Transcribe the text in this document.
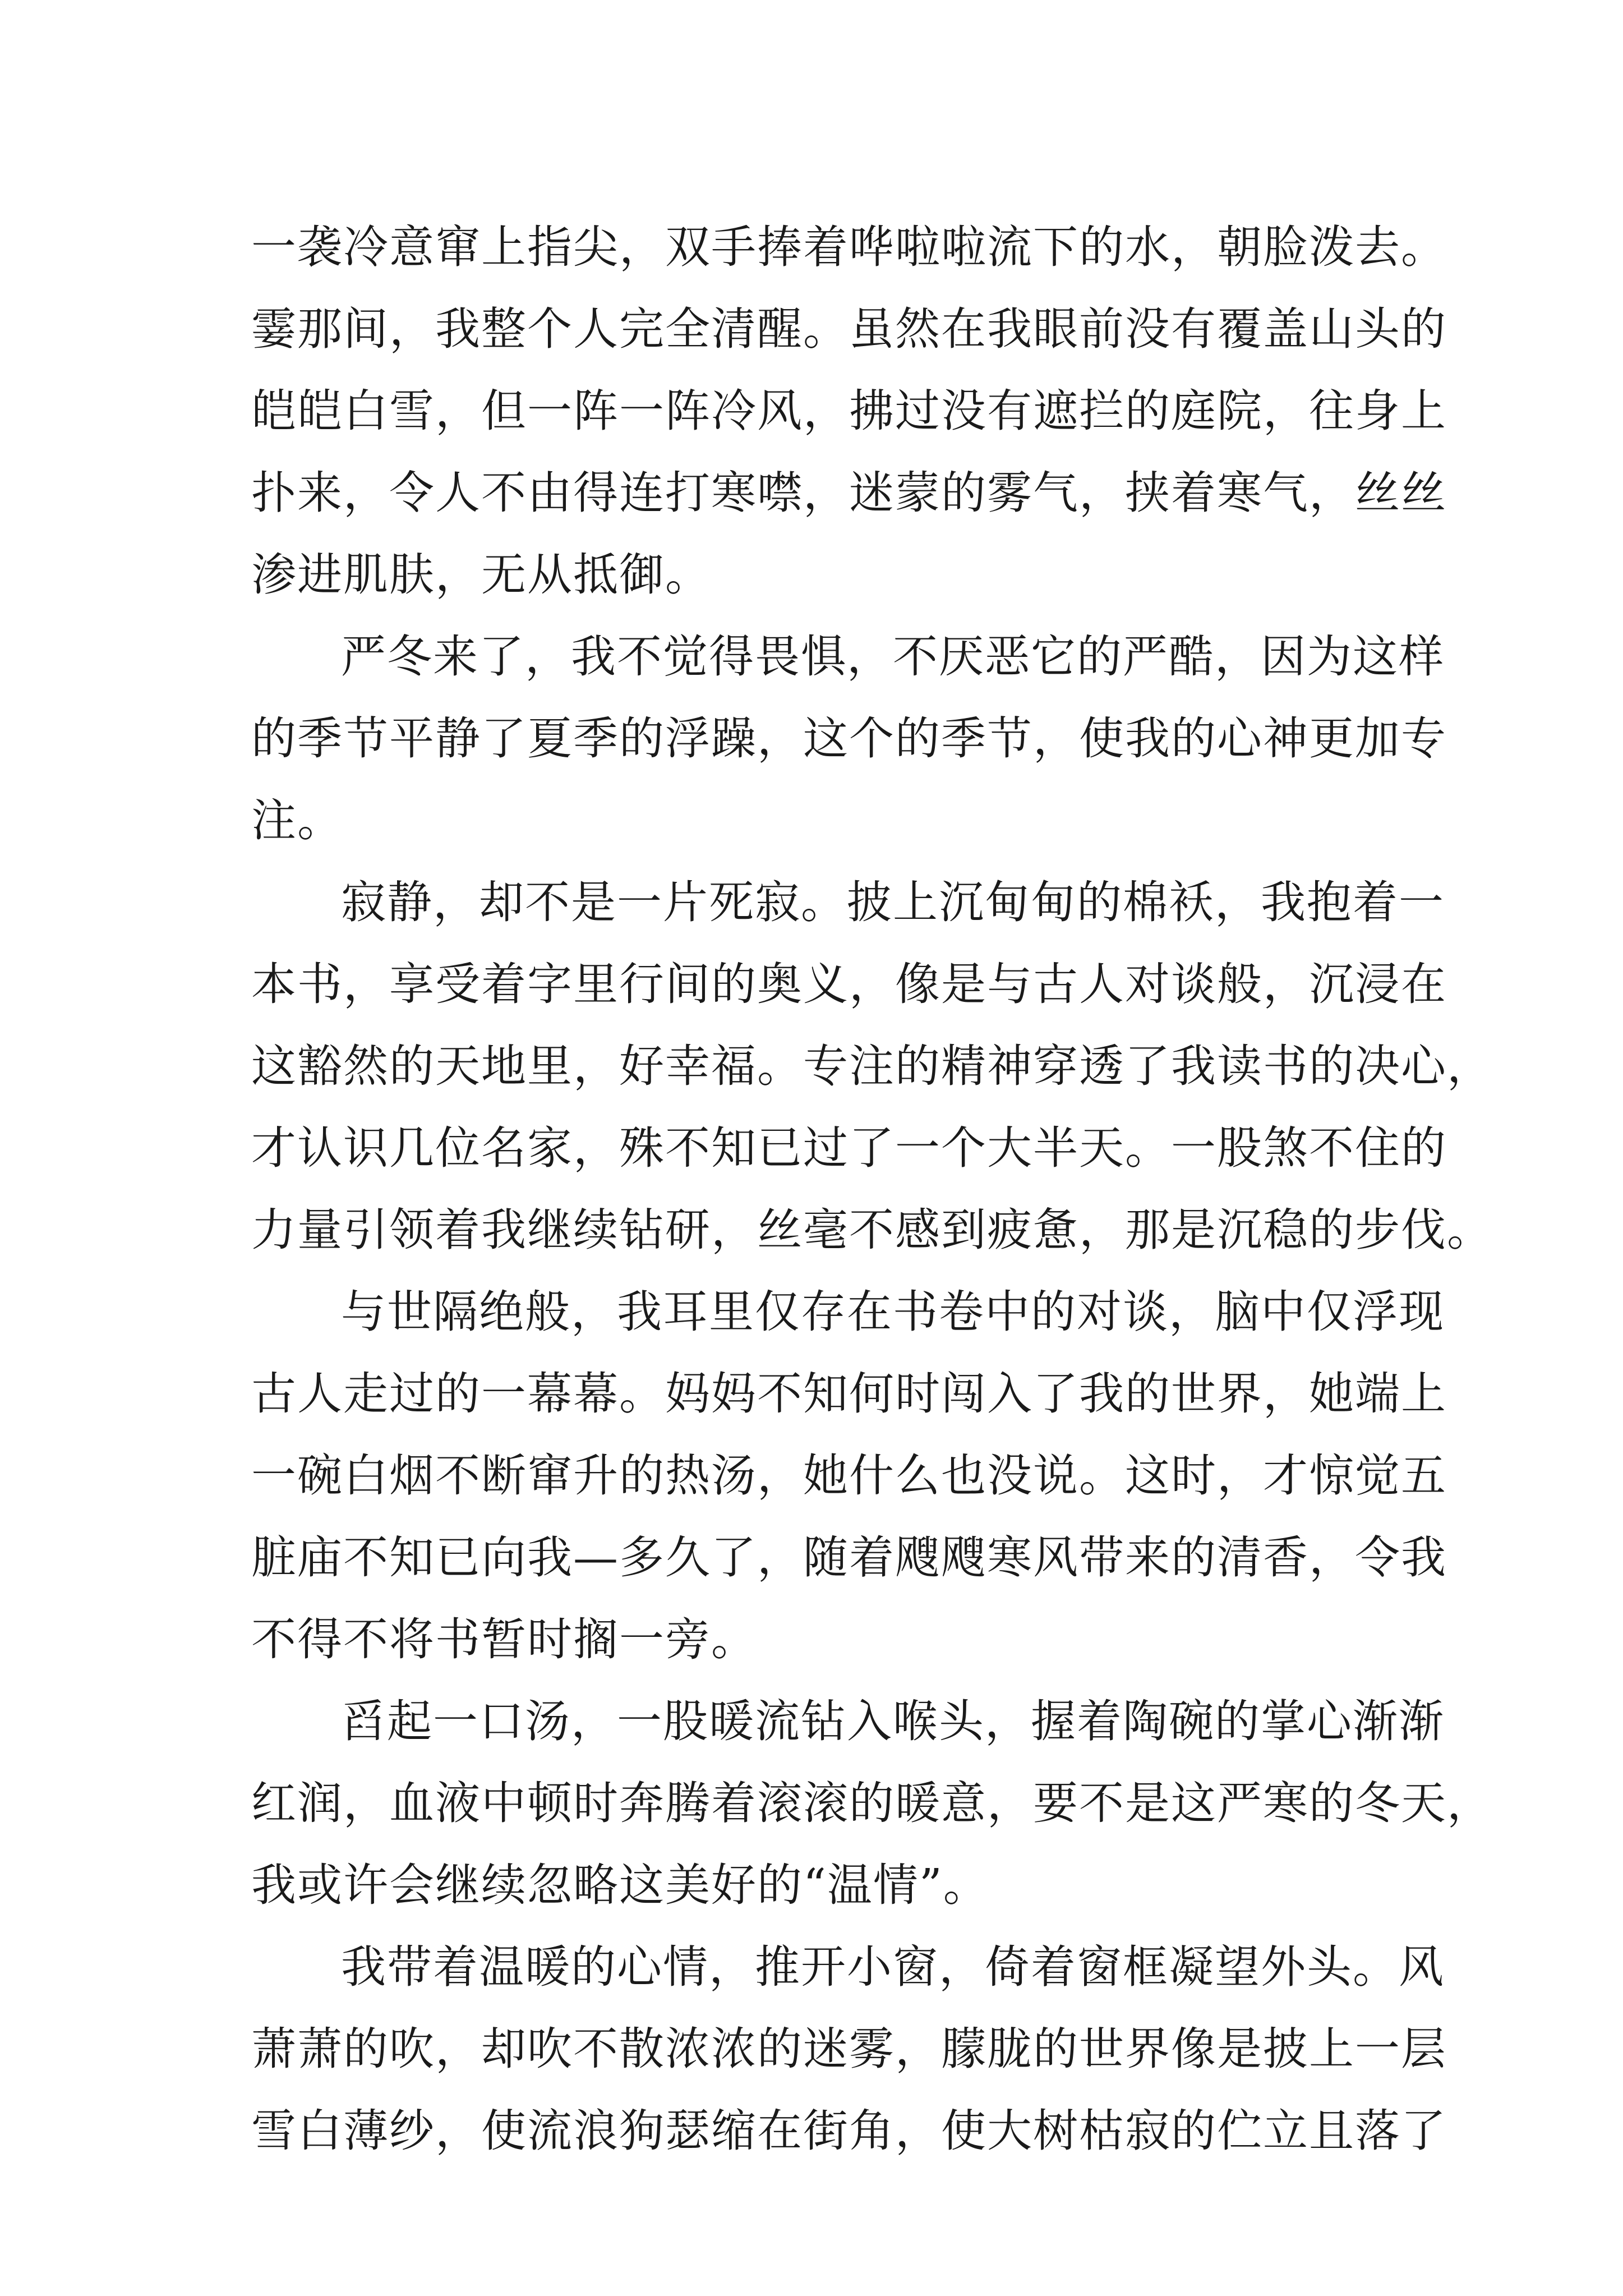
一袭冷意窜上指尖，双手捧着哗啦啦流下的水，朝脸泼去。
霎那间，我整个人完全清醒。虽然在我眼前没有覆盖山头的
皑皑白雪，但一阵一阵冷风，拂过没有遮拦的庭院，往身上
扑来，令人不由得连打寒噤，迷蒙的雾气，挟着寒气，丝丝
渗进肌肤，无从抵御。
严冬来了，我不觉得畏惧，不厌恶它的严酷，因为这样
的季节平静了夏季的浮躁，这个的季节，使我的心神更加专
注。
寂静，却不是一片死寂。披上沉甸甸的棉袄，我抱着一
本书，享受着字里行间的奥义，像是与古人对谈般，沉浸在
这豁然的天地里，好幸福。专注的精神穿透了我读书的决心，
才认识几位名家，殊不知已过了一个大半天。一股煞不住的
力量引领着我继续钻研，丝毫不感到疲惫，那是沉稳的步伐。
与世隔绝般，我耳里仅存在书卷中的对谈，脑中仅浮现
古人走过的一幕幕。妈妈不知何时闯入了我的世界，她端上
一碗白烟不断窜升的热汤，她什么也没说。这时，才惊觉五
脏庙不知已向我—多久了，随着飕飕寒风带来的清香，令我
不得不将书暂时搁一旁。
舀起一口汤，一股暖流钻入喉头，握着陶碗的掌心渐渐
红润，血液中顿时奔腾着滚滚的暖意，要不是这严寒的冬天，
我或许会继续忽略这美好的“温情”。
我带着温暖的心情，推开小窗，倚着窗框凝望外头。风
萧萧的吹，却吹不散浓浓的迷雾，朦胧的世界像是披上一层
雪白薄纱，使流浪狗瑟缩在街角，使大树枯寂的伫立且落了
